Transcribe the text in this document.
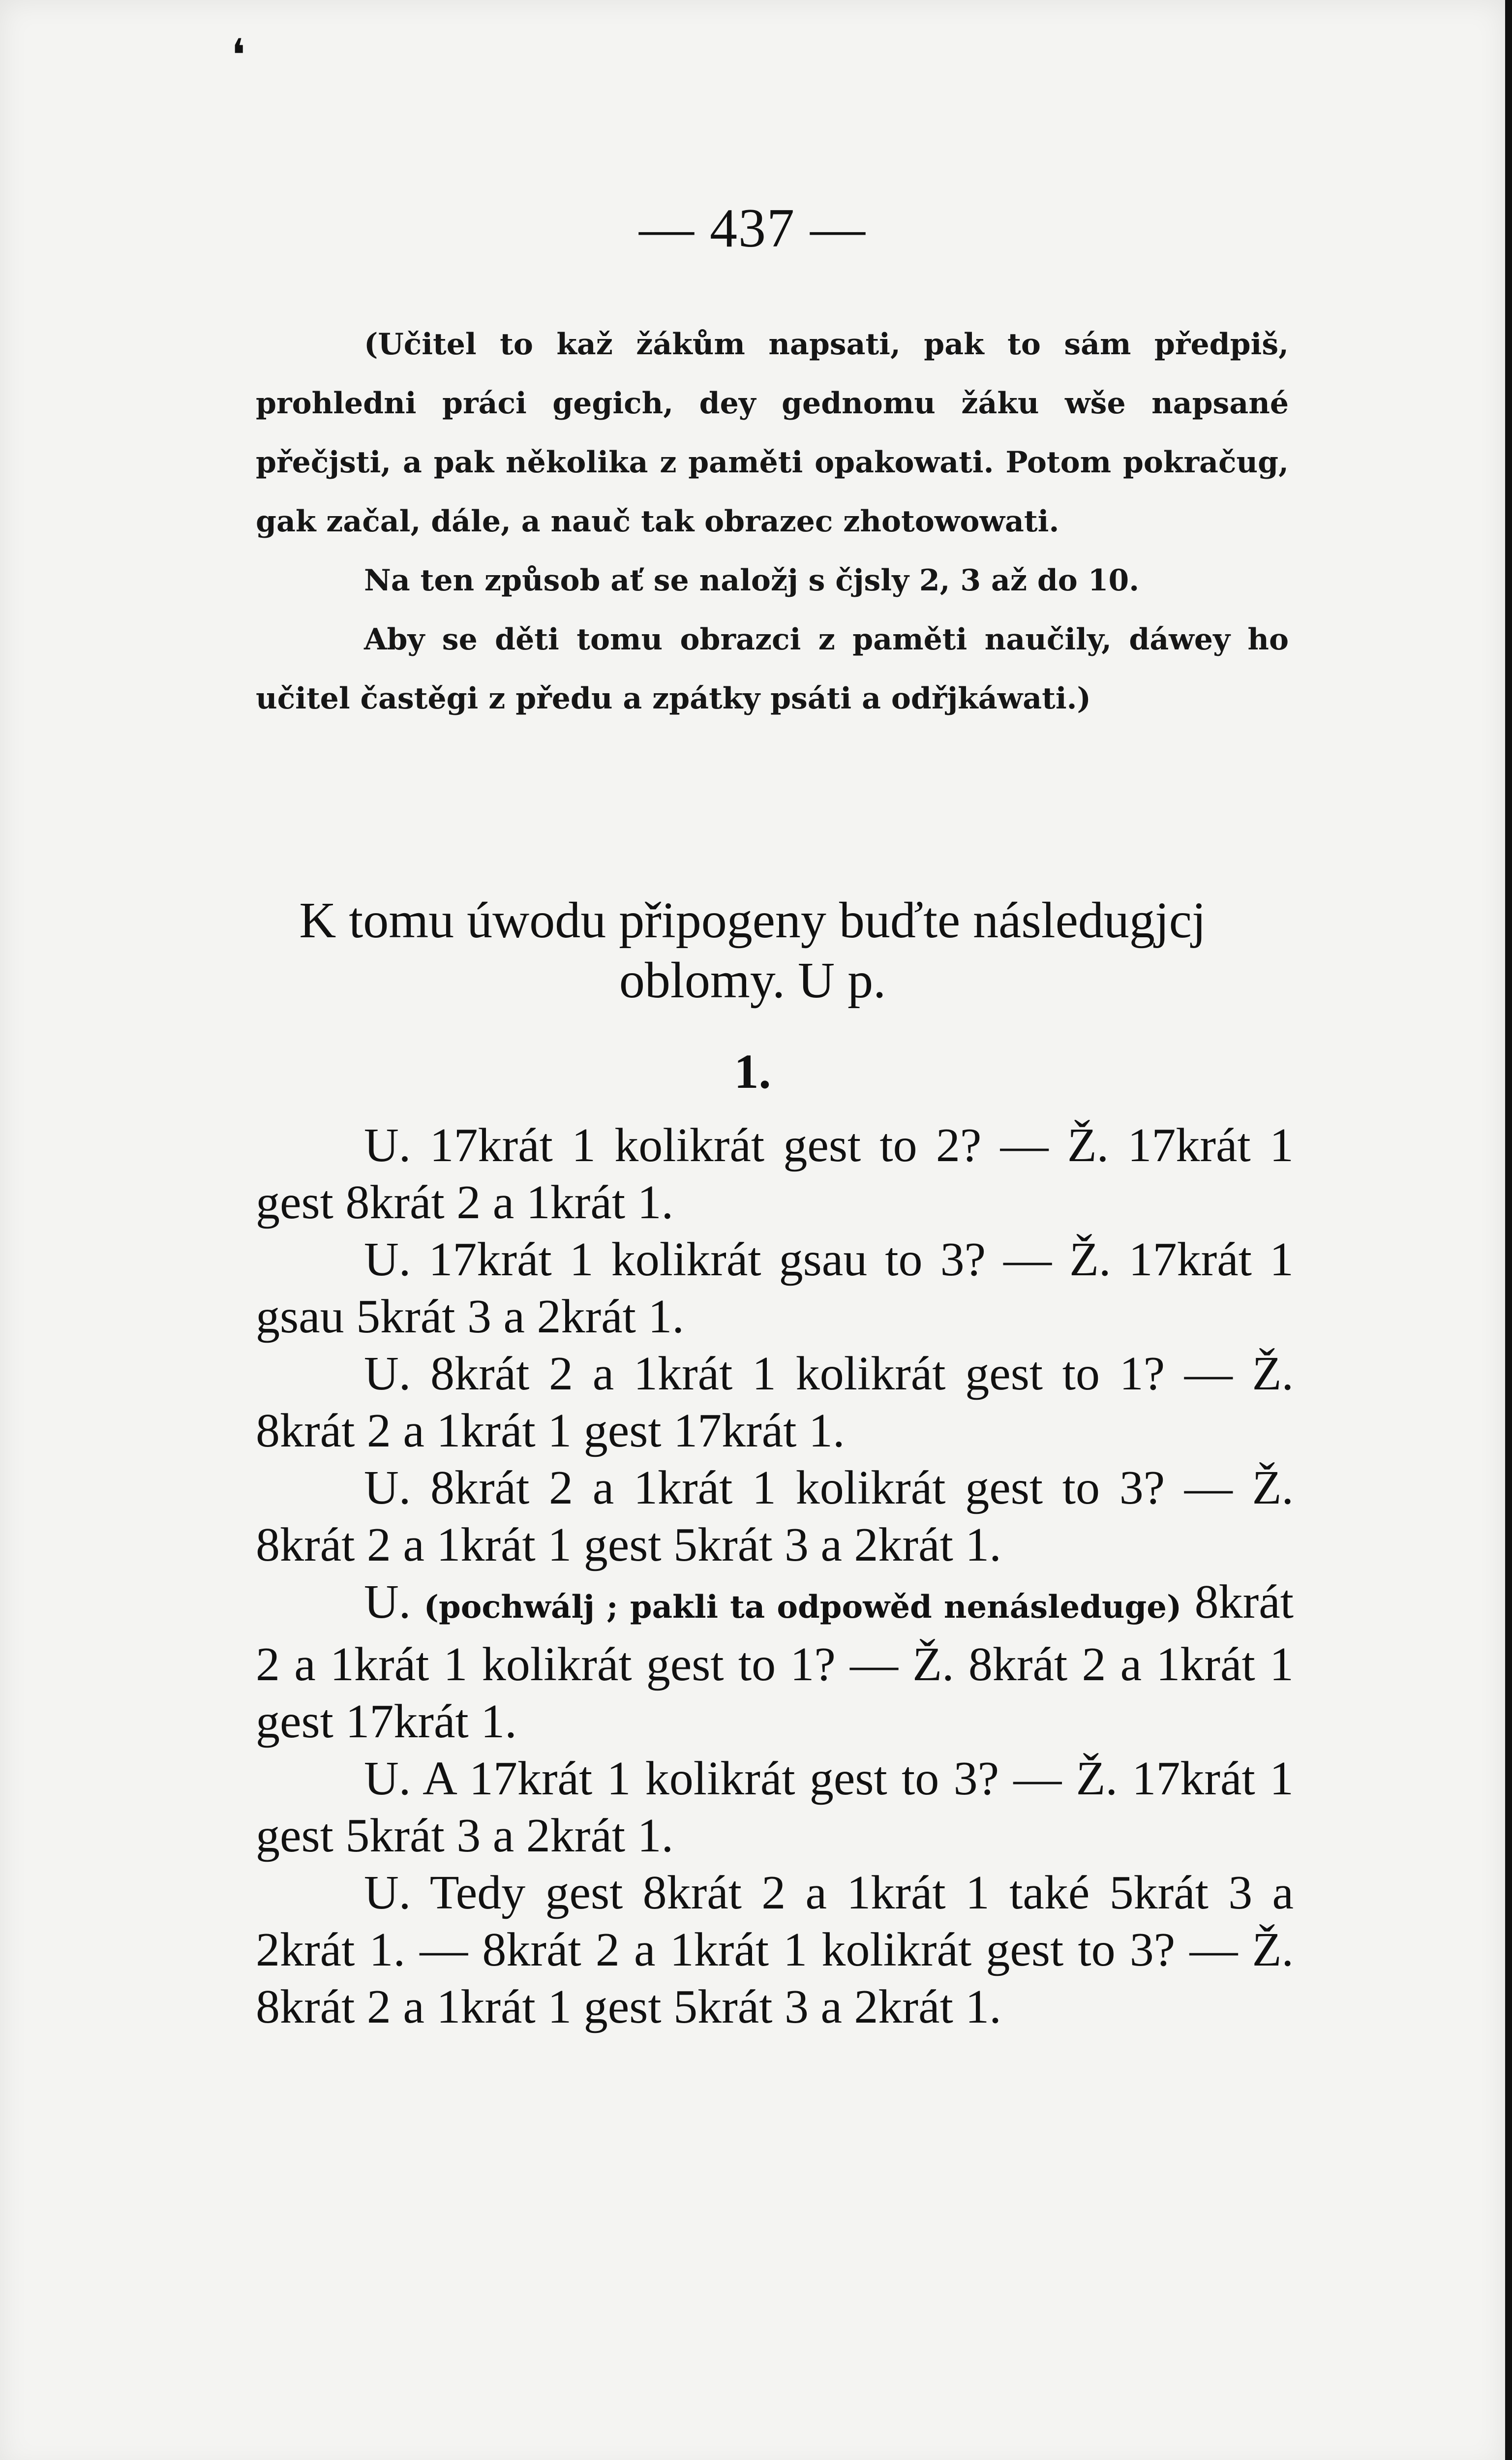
❛
— 437 —

(Učitel to kaž žákům napsati, pak to sám předpiš, prohledni práci gegich, dey gednomu žáku wše napsané přečjsti, a pak několika z paměti opakowati. Potom pokračug, gak začal, dále, a nauč tak obrazec zhotowowati.

Na ten způsob ať se naložj s čjsly 2, 3 až do 10.

Aby se děti tomu obrazci z paměti naučily, dáwey ho učitel častěgi z předu a zpátky psáti a odřjkáwati.)

K tomu úwodu připogeny buďte následugjcj
oblomy. U p.
1.

U. 17krát 1 kolikrát gest to 2? — Ž. 17krát 1 gest 8krát 2 a 1krát 1.

U. 17krát 1 kolikrát gsau to 3? — Ž. 17krát 1 gsau 5krát 3 a 2krát 1.

U. 8krát 2 a 1krát 1 kolikrát gest to 1? — Ž. 8krát 2 a 1krát 1 gest 17krát 1.

U. 8krát 2 a 1krát 1 kolikrát gest to 3? — Ž. 8krát 2 a 1krát 1 gest 5krát 3 a 2krát 1.

U. (pochwálj ; pakli ta odpowěd nenásleduge) 8krát 2 a 1krát 1 kolikrát gest to 1? — Ž. 8krát 2 a 1krát 1 gest 17krát 1.

U. A 17krát 1 kolikrát gest to 3? — Ž. 17krát 1 gest 5krát 3 a 2krát 1.

U. Tedy gest 8krát 2 a 1krát 1 také 5krát 3 a 2krát 1. — 8krát 2 a 1krát 1 kolikrát gest to 3? — Ž. 8krát 2 a 1krát 1 gest 5krát 3 a 2krát 1.
